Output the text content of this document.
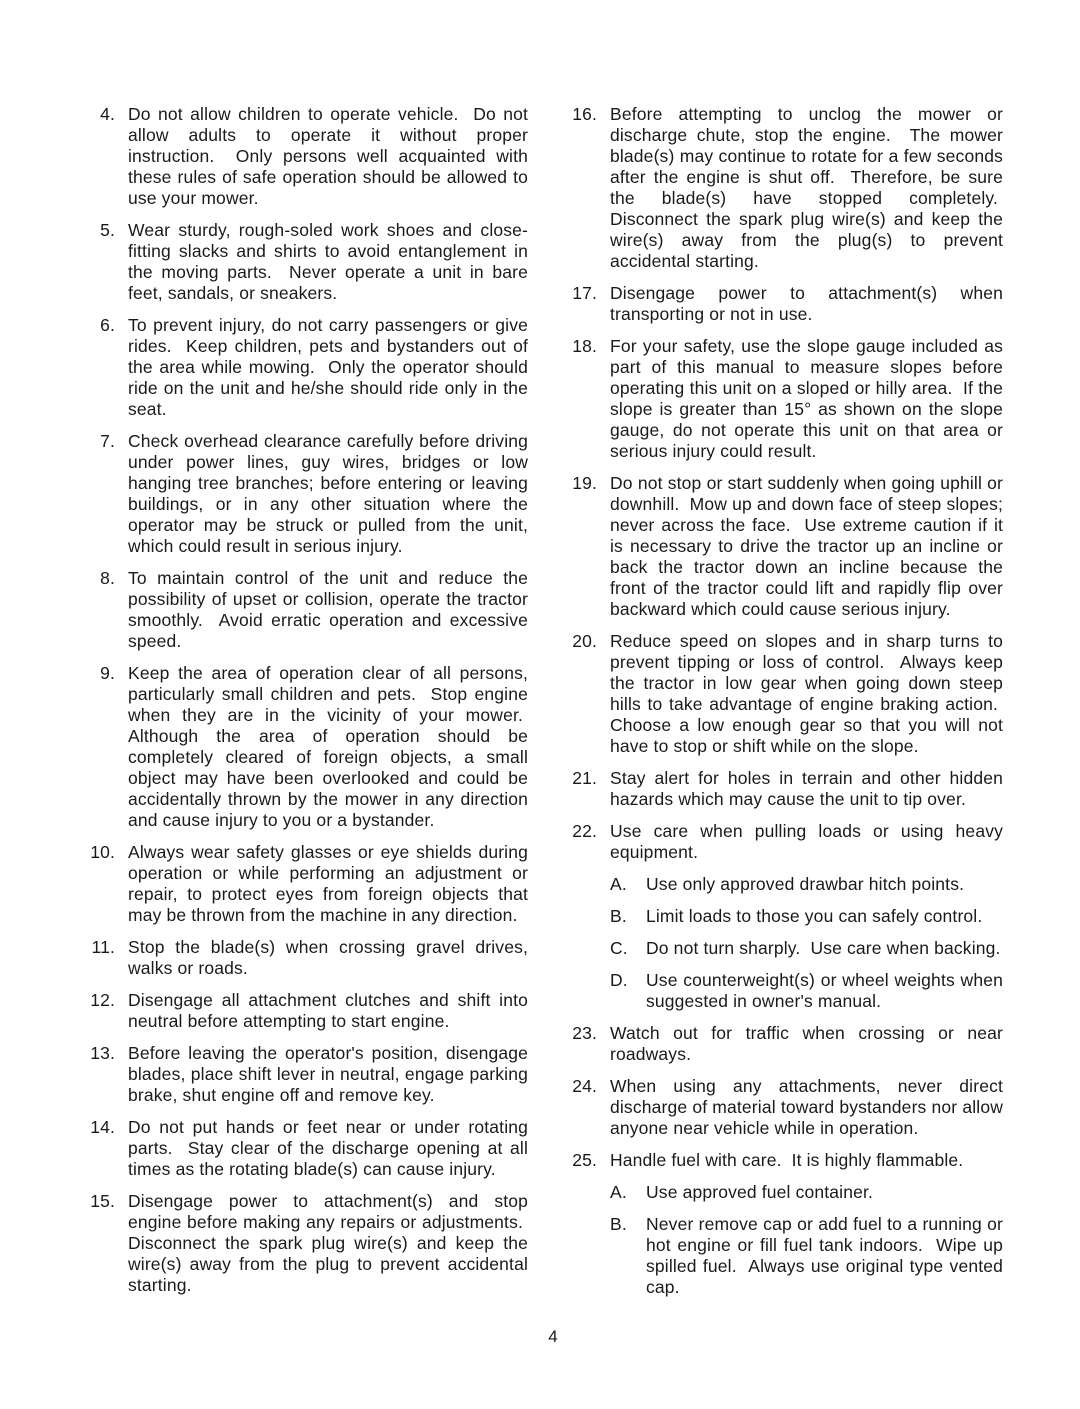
4. Do not allow children to operate vehicle.  Do not allow adults to operate it without proper instruction.  Only persons well acquainted with these rules of safe operation should be allowed to use your mower.
5. Wear sturdy, rough-soled work shoes and close-fitting slacks and shirts to avoid entanglement in the moving parts.  Never operate a unit in bare feet, sandals, or sneakers.
6. To prevent injury, do not carry passengers or give rides.  Keep children, pets and bystanders out of the area while mowing.  Only the operator should ride on the unit and he/she should ride only in the seat.
7. Check overhead clearance carefully before driving under power lines, guy wires, bridges or low hanging tree branches; before entering or leaving buildings, or in any other situation where the operator may be struck or pulled from the unit, which could result in serious injury.
8. To maintain control of the unit and reduce the possibility of upset or collision, operate the tractor smoothly.  Avoid erratic operation and excessive speed.
9. Keep the area of operation clear of all persons, particularly small children and pets.  Stop engine when they are in the vicinity of your mower.  Although the area of operation should be completely cleared of foreign objects, a small object may have been overlooked and could be accidentally thrown by the mower in any direction and cause injury to you or a bystander.
10. Always wear safety glasses or eye shields during operation or while performing an adjustment or repair, to protect eyes from foreign objects that may be thrown from the machine in any direction.
11. Stop the blade(s) when crossing gravel drives, walks or roads.
12. Disengage all attachment clutches and shift into neutral before attempting to start engine.
13. Before leaving the operator's position, disengage blades, place shift lever in neutral, engage parking brake, shut engine off and remove key.
14. Do not put hands or feet near or under rotating parts.  Stay clear of the discharge opening at all times as the rotating blade(s) can cause injury.
15. Disengage power to attachment(s) and stop engine before making any repairs or adjustments.  Disconnect the spark plug wire(s) and keep the wire(s) away from the plug to prevent accidental starting.
16. Before attempting to unclog the mower or discharge chute, stop the engine.  The mower blade(s) may continue to rotate for a few seconds after the engine is shut off.  Therefore, be sure the blade(s) have stopped completely.  Disconnect the spark plug wire(s) and keep the wire(s) away from the plug(s) to prevent accidental starting.
17. Disengage power to attachment(s) when transporting or not in use.
18. For your safety, use the slope gauge included as part of this manual to measure slopes before operating this unit on a sloped or hilly area.  If the slope is greater than 15° as shown on the slope gauge, do not operate this unit on that area or serious injury could result.
19. Do not stop or start suddenly when going uphill or downhill.  Mow up and down face of steep slopes; never across the face.  Use extreme caution if it is necessary to drive the tractor up an incline or back the tractor down an incline because the front of the tractor could lift and rapidly flip over backward which could cause serious injury.
20. Reduce speed on slopes and in sharp turns to prevent tipping or loss of control.  Always keep the tractor in low gear when going down steep hills to take advantage of engine braking action.  Choose a low enough gear so that you will not have to stop or shift while on the slope.
21. Stay alert for holes in terrain and other hidden hazards which may cause the unit to tip over.
22. Use care when pulling loads or using heavy equipment.
A.	Use only approved drawbar hitch points.
B.	Limit loads to those you can safely control.
C.	Do not turn sharply.  Use care when backing.
D.	Use counterweight(s) or wheel weights when suggested in owner's manual.
23. Watch out for traffic when crossing or near roadways.
24. When using any attachments, never direct discharge of material toward bystanders nor allow anyone near vehicle while in operation.
25. Handle fuel with care.  It is highly flammable.
A.	Use approved fuel container.
B.	Never remove cap or add fuel to a running or hot engine or fill fuel tank indoors.  Wipe up spilled fuel.  Always use original type vented cap.
4
